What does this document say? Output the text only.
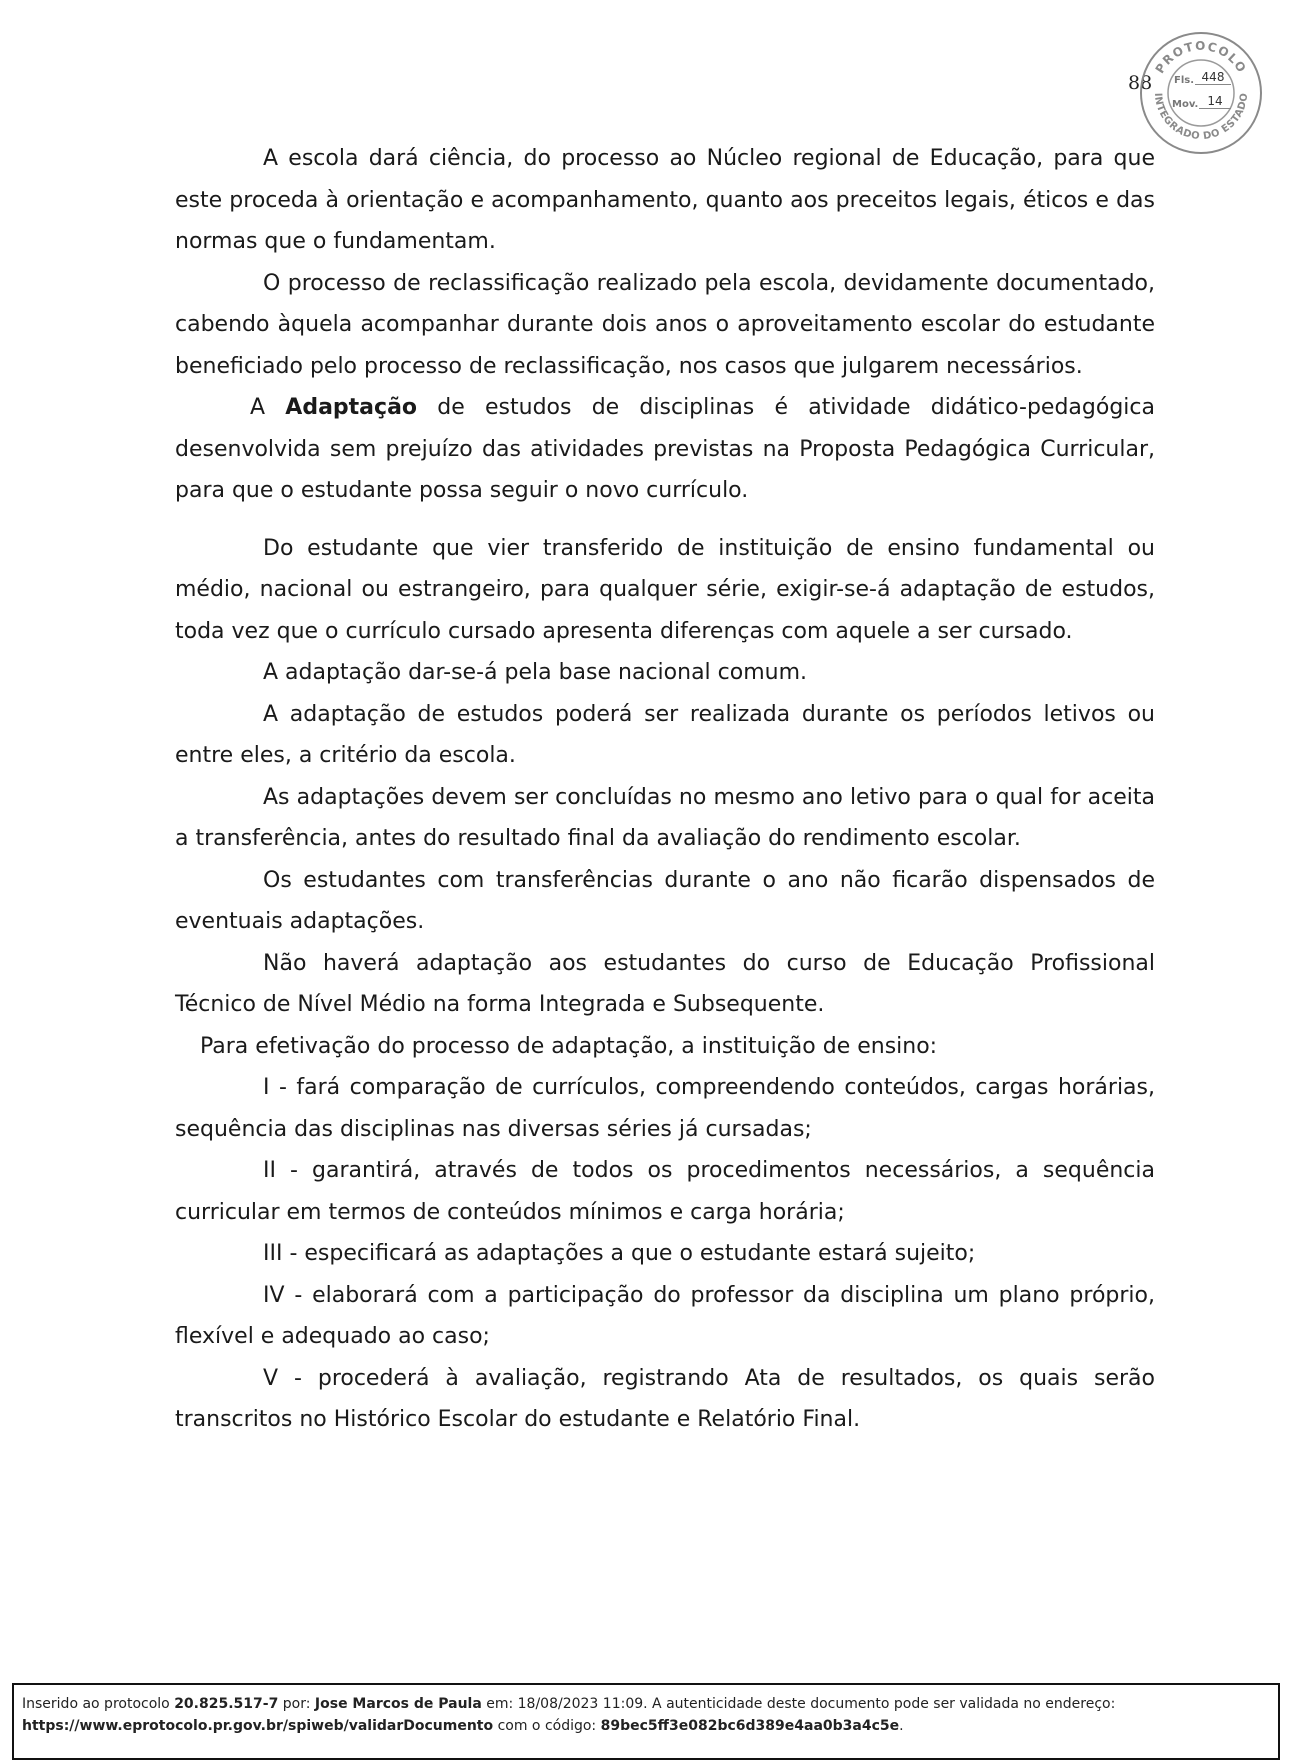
88
PROTOCOLO
INTEGRADO DO ESTADO
Fls. 448
Mov. 14

A escola dará ciência, do processo ao Núcleo regional de Educação, para que este proceda à orientação e acompanhamento, quanto aos preceitos legais, éticos e das normas que o fundamentam.

O processo de reclassificação realizado pela escola, devidamente documentado, cabendo àquela acompanhar durante dois anos o aproveitamento escolar do estudante beneficiado pelo processo de reclassificação, nos casos que julgarem necessários.

A Adaptação de estudos de disciplinas é atividade didático-pedagógica desenvolvida sem prejuízo das atividades previstas na Proposta Pedagógica Curricular, para que o estudante possa seguir o novo currículo.

Do estudante que vier transferido de instituição de ensino fundamental ou médio, nacional ou estrangeiro, para qualquer série, exigir-se-á adaptação de estudos, toda vez que o currículo cursado apresenta diferenças com aquele a ser cursado.

A adaptação dar-se-á pela base nacional comum.

A adaptação de estudos poderá ser realizada durante os períodos letivos ou entre eles, a critério da escola.

As adaptações devem ser concluídas no mesmo ano letivo para o qual for aceita a transferência, antes do resultado final da avaliação do rendimento escolar.

Os estudantes com transferências durante o ano não ficarão dispensados de eventuais adaptações.

Não haverá adaptação aos estudantes do curso de Educação Profissional Técnico de Nível Médio na forma Integrada e Subsequente.

Para efetivação do processo de adaptação, a instituição de ensino:

I - fará comparação de currículos, compreendendo conteúdos, cargas horárias, sequência das disciplinas nas diversas séries já cursadas;

II - garantirá, através de todos os procedimentos necessários, a sequência curricular em termos de conteúdos mínimos e carga horária;

III - especificará as adaptações a que o estudante estará sujeito;

IV - elaborará com a participação do professor da disciplina um plano próprio, flexível e adequado ao caso;

V - procederá à avaliação, registrando Ata de resultados, os quais serão transcritos no Histórico Escolar do estudante e Relatório Final.

Inserido ao protocolo 20.825.517-7 por: Jose Marcos de Paula em: 18/08/2023 11:09. A autenticidade deste documento pode ser validada no endereço:
https://www.eprotocolo.pr.gov.br/spiweb/validarDocumento com o código: 89bec5ff3e082bc6d389e4aa0b3a4c5e.
